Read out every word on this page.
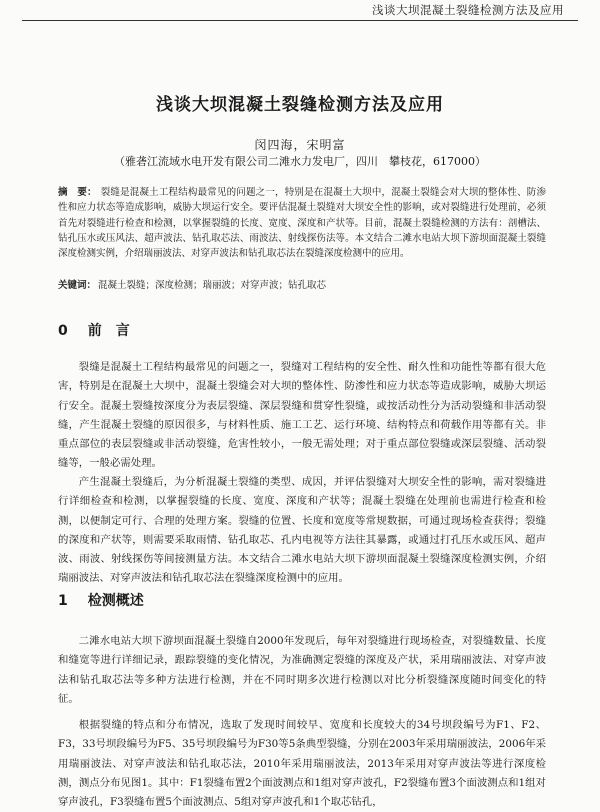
浅谈大坝混凝土裂缝检测方法及应用
浅谈大坝混凝土裂缝检测方法及应用
闵四海，宋明富
（雅砻江流域水电开发有限公司二滩水力发电厂，四川　攀枝花，617000）
摘　要： 裂缝是混凝土工程结构最常见的问题之一，特别是在混凝土大坝中，混凝土裂缝会对大坝的整体性、防渗性和应力状态等造成影响，威胁大坝运行安全。要评估混凝土裂缝对大坝安全性的影响，或对裂缝进行处理前，必须首先对裂缝进行检查和检测，以掌握裂缝的长度、宽度、深度和产状等。目前，混凝土裂缝检测的方法有：剖槽法、钻孔压水或压风法、超声波法、钻孔取芯法、雨波法、射线探伤法等。本文结合二滩水电站大坝下游坝面混凝土裂缝深度检测实例，介绍瑞丽波法、对穿声波法和钻孔取芯法在裂缝深度检测中的应用。
关键词： 混凝土裂缝；深度检测；瑞丽波；对穿声波；钻孔取芯
0 前　言
裂缝是混凝土工程结构最常见的问题之一，裂缝对工程结构的安全性、耐久性和功能性等都有很大危害，特别是在混凝土大坝中，混凝土裂缝会对大坝的整体性、防渗性和应力状态等造成影响，威胁大坝运行安全。混凝土裂缝按深度分为表层裂缝、深层裂缝和贯穿性裂缝，或按活动性分为活动裂缝和非活动裂缝，产生混凝土裂缝的原因很多，与材料性质、施工工艺、运行环境、结构特点和荷载作用等都有关。非重点部位的表层裂缝或非活动裂缝，危害性较小，一般无需处理；对于重点部位裂缝或深层裂缝、活动裂缝等，一般必需处理。
产生混凝土裂缝后，为分析混凝土裂缝的类型、成因，并评估裂缝对大坝安全性的影响，需对裂缝进行详细检查和检测，以掌握裂缝的长度、宽度、深度和产状等；混凝土裂缝在处理前也需进行检查和检测，以便制定可行、合理的处理方案。裂缝的位置、长度和宽度等常规数据，可通过现场检查获得；裂缝的深度和产状等，则需要采取雨情、钻孔取芯、孔内电视等方法往其暴露，或通过打孔压水或压风、超声波、雨波、射线探伤等间接测量方法。本文结合二滩水电站大坝下游坝面混凝土裂缝深度检测实例，介绍瑞丽波法、对穿声波法和钻孔取芯法在裂缝深度检测中的应用。
1 检测概述
二滩水电站大坝下游坝面混凝土裂缝自2000年发现后，每年对裂缝进行现场检查，对裂缝数量、长度和缝宽等进行详细记录，跟踪裂缝的变化情况，为准确测定裂缝的深度及产状，采用瑞丽波法、对穿声波法和钻孔取芯法等多种方法进行检测，并在不同时期多次进行检测以对比分析裂缝深度随时间变化的特征。
根据裂缝的特点和分布情况，选取了发现时间较早、宽度和长度较大的34号坝段编号为F1、F2、F3，33号坝段编号为F5、35号坝段编号为F30等5条典型裂缝，分别在2003年采用瑞丽波法，2006年采用瑞丽波法、对穿声波法和钻孔取芯法，2010年采用瑞丽波法，2013年采用对穿声波法等进行深度检测，测点分布见图1。其中：F1裂缝布置2个面波测点和1组对穿声波孔，F2裂缝布置3个面波测点和1组对穿声波孔，F3裂缝布置5个面波测点、5组对穿声波孔和1个取芯钻孔，
